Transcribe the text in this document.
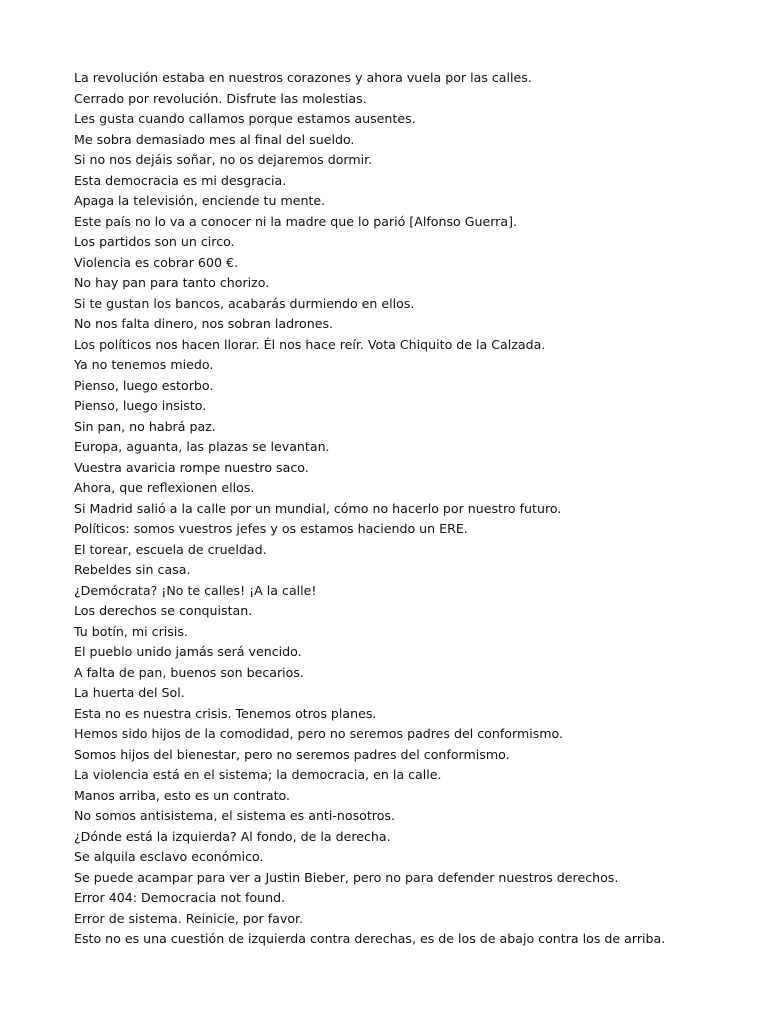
La revolución estaba en nuestros corazones y ahora vuela por las calles.
Cerrado por revolución. Disfrute las molestias.
Les gusta cuando callamos porque estamos ausentes.
Me sobra demasiado mes al final del sueldo.
Si no nos dejáis soñar, no os dejaremos dormir.
Esta democracia es mi desgracia.
Apaga la televisión, enciende tu mente.
Este país no lo va a conocer ni la madre que lo parió [Alfonso Guerra].
Los partidos son un circo.
Violencia es cobrar 600 €.
No hay pan para tanto chorizo.
Si te gustan los bancos, acabarás durmiendo en ellos.
No nos falta dinero, nos sobran ladrones.
Los políticos nos hacen llorar. Él nos hace reír. Vota Chiquito de la Calzada.
Ya no tenemos miedo.
Pienso, luego estorbo.
Pienso, luego insisto.
Sin pan, no habrá paz.
Europa, aguanta, las plazas se levantan.
Vuestra avaricia rompe nuestro saco.
Ahora, que reflexionen ellos.
Si Madrid salió a la calle por un mundial, cómo no hacerlo por nuestro futuro.
Políticos: somos vuestros jefes y os estamos haciendo un ERE.
El torear, escuela de crueldad.
Rebeldes sin casa.
¿Demócrata? ¡No te calles! ¡A la calle!
Los derechos se conquistan.
Tu botín, mi crisis.
El pueblo unido jamás será vencido.
A falta de pan, buenos son becarios.
La huerta del Sol.
Esta no es nuestra crisis. Tenemos otros planes.
Hemos sido hijos de la comodidad, pero no seremos padres del conformismo.
Somos hijos del bienestar, pero no seremos padres del conformismo.
La violencia está en el sistema; la democracia, en la calle.
Manos arriba, esto es un contrato.
No somos antisistema, el sistema es anti-nosotros.
¿Dónde está la izquierda? Al fondo, de la derecha.
Se alquila esclavo económico.
Se puede acampar para ver a Justin Bieber, pero no para defender nuestros derechos.
Error 404: Democracia not found.
Error de sistema. Reinicie, por favor.
Esto no es una cuestión de izquierda contra derechas, es de los de abajo contra los de arriba.
